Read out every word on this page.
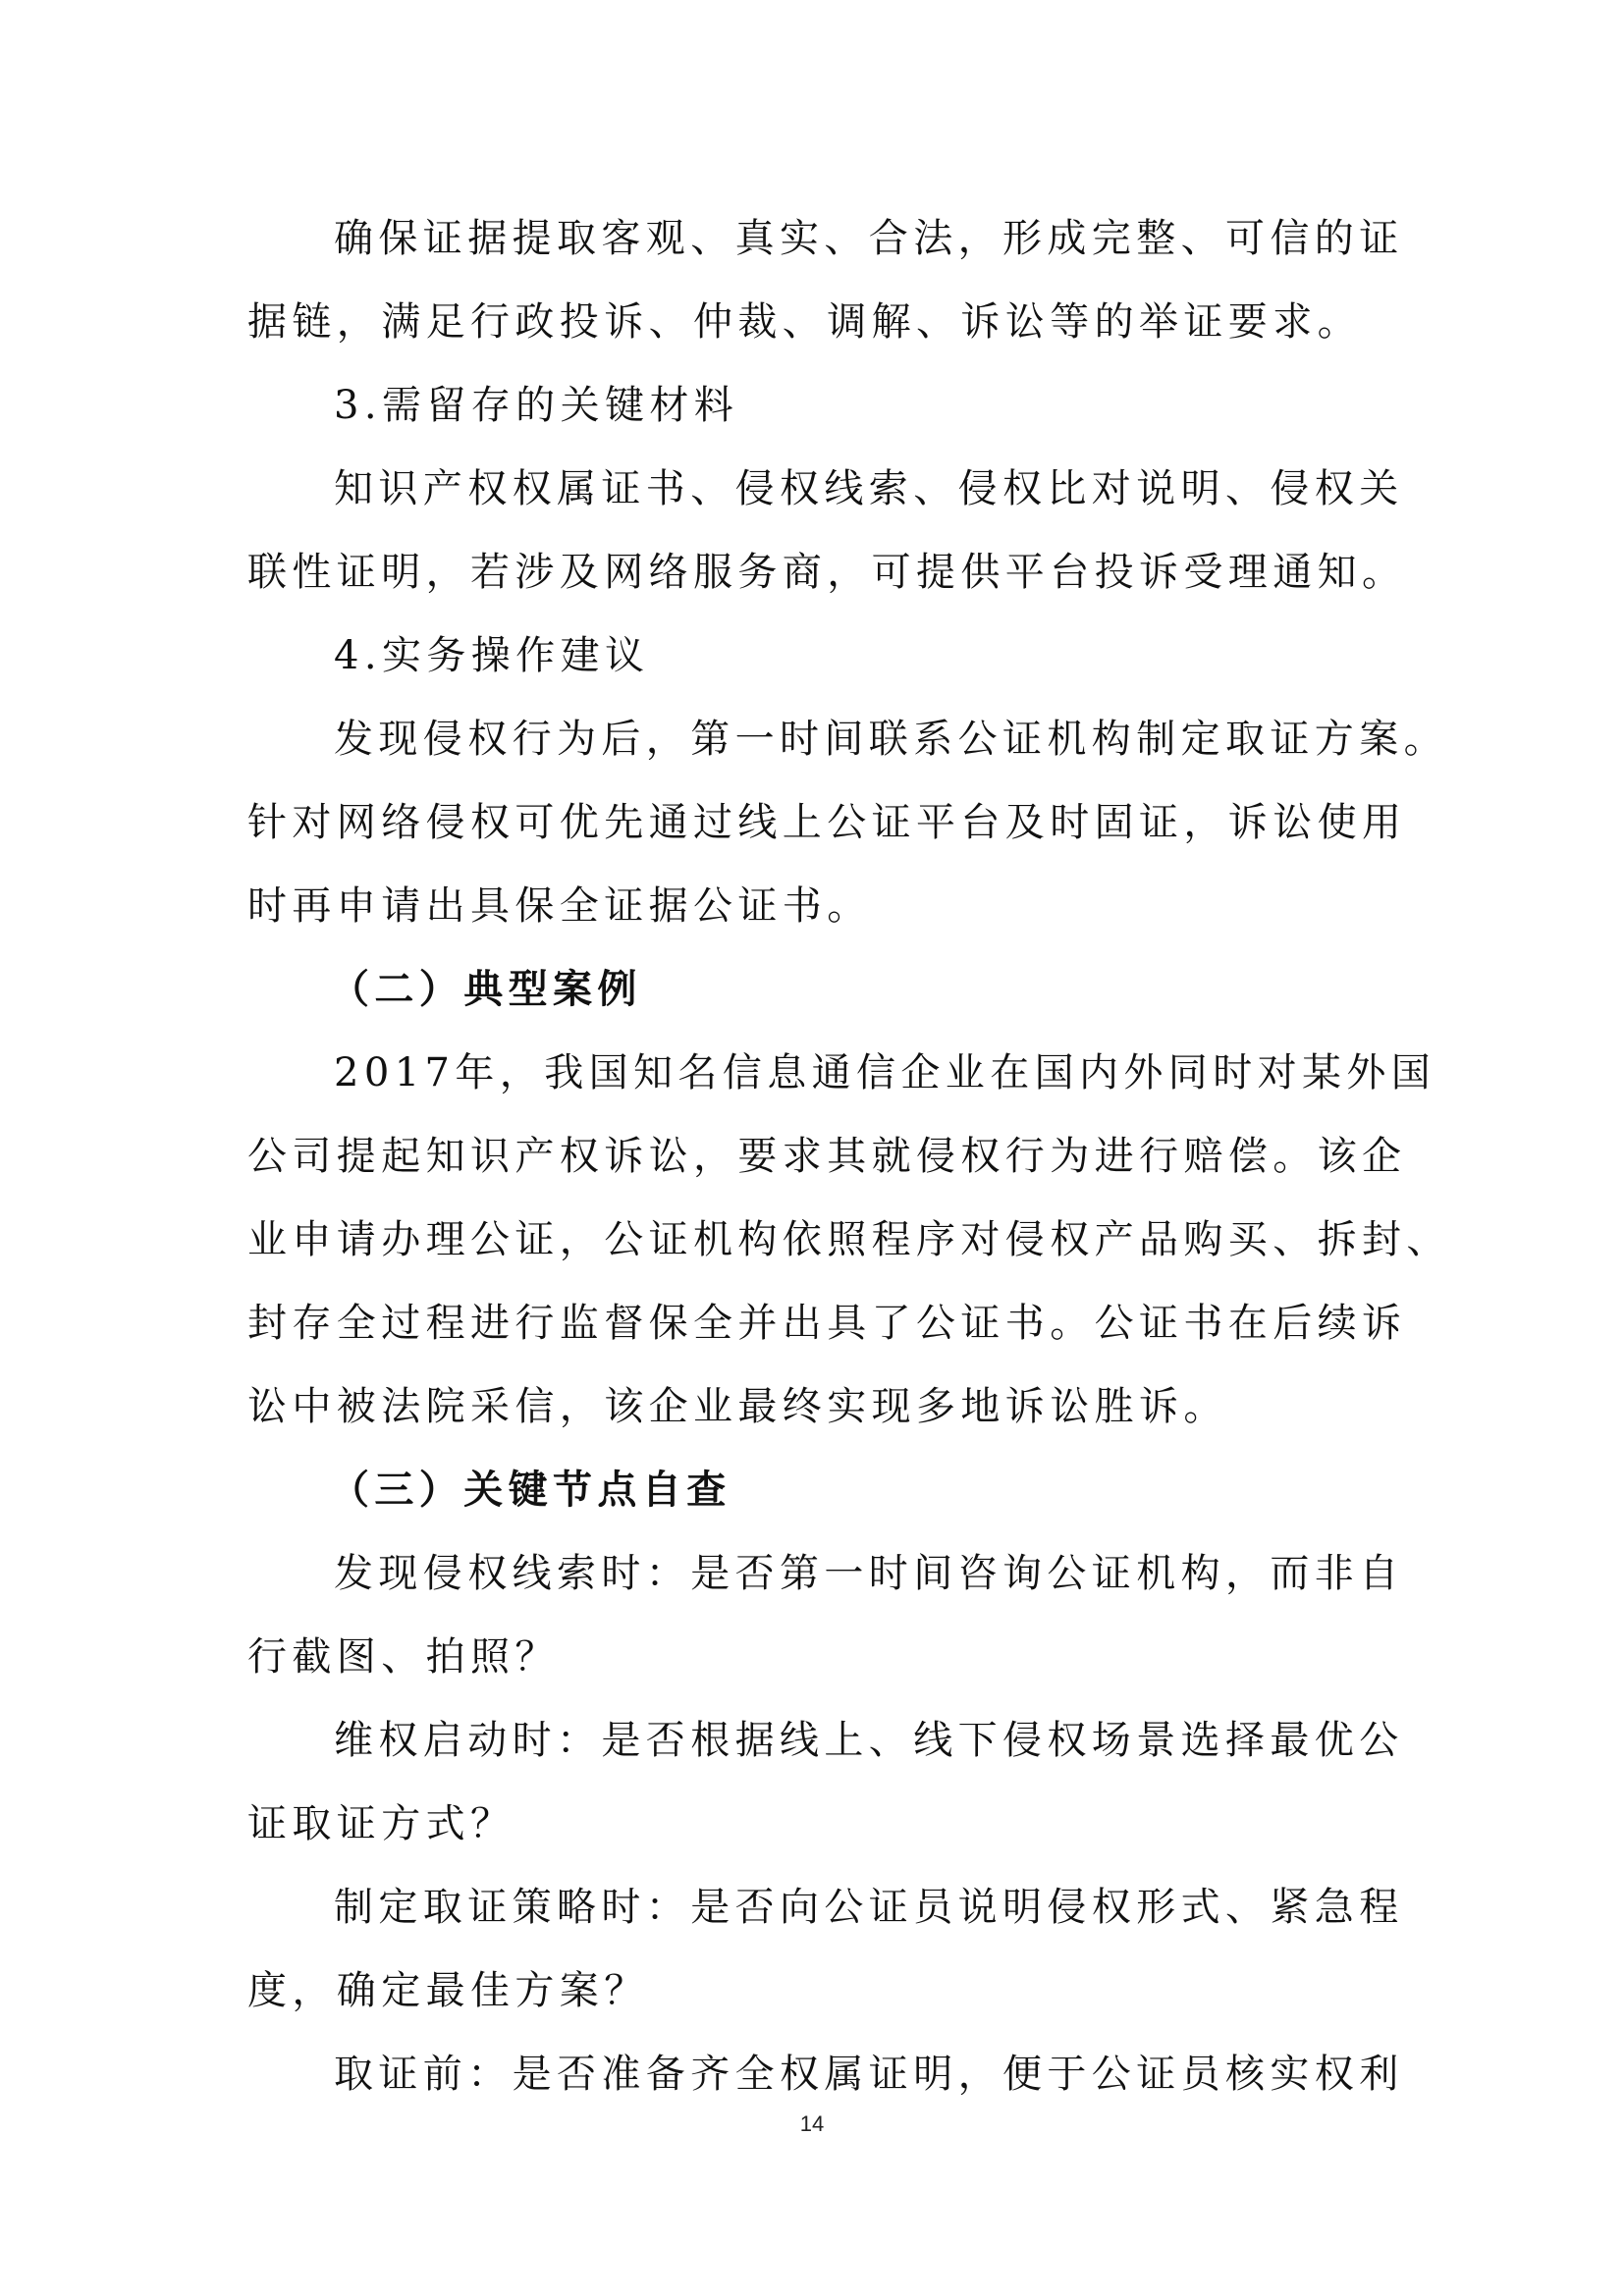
确保证据提取客观、真实、合法，形成完整、可信的证
据链，满足行政投诉、仲裁、调解、诉讼等的举证要求。
3.需留存的关键材料
知识产权权属证书、侵权线索、侵权比对说明、侵权关
联性证明，若涉及网络服务商，可提供平台投诉受理通知。
4.实务操作建议
发现侵权行为后，第一时间联系公证机构制定取证方案。
针对网络侵权可优先通过线上公证平台及时固证，诉讼使用
时再申请出具保全证据公证书。
（二）典型案例
2017年，我国知名信息通信企业在国内外同时对某外国
公司提起知识产权诉讼，要求其就侵权行为进行赔偿。该企
业申请办理公证，公证机构依照程序对侵权产品购买、拆封、
封存全过程进行监督保全并出具了公证书。公证书在后续诉
讼中被法院采信，该企业最终实现多地诉讼胜诉。
（三）关键节点自查
发现侵权线索时：是否第一时间咨询公证机构，而非自
行截图、拍照？
维权启动时：是否根据线上、线下侵权场景选择最优公
证取证方式？
制定取证策略时：是否向公证员说明侵权形式、紧急程
度，确定最佳方案？
取证前：是否准备齐全权属证明，便于公证员核实权利
14
